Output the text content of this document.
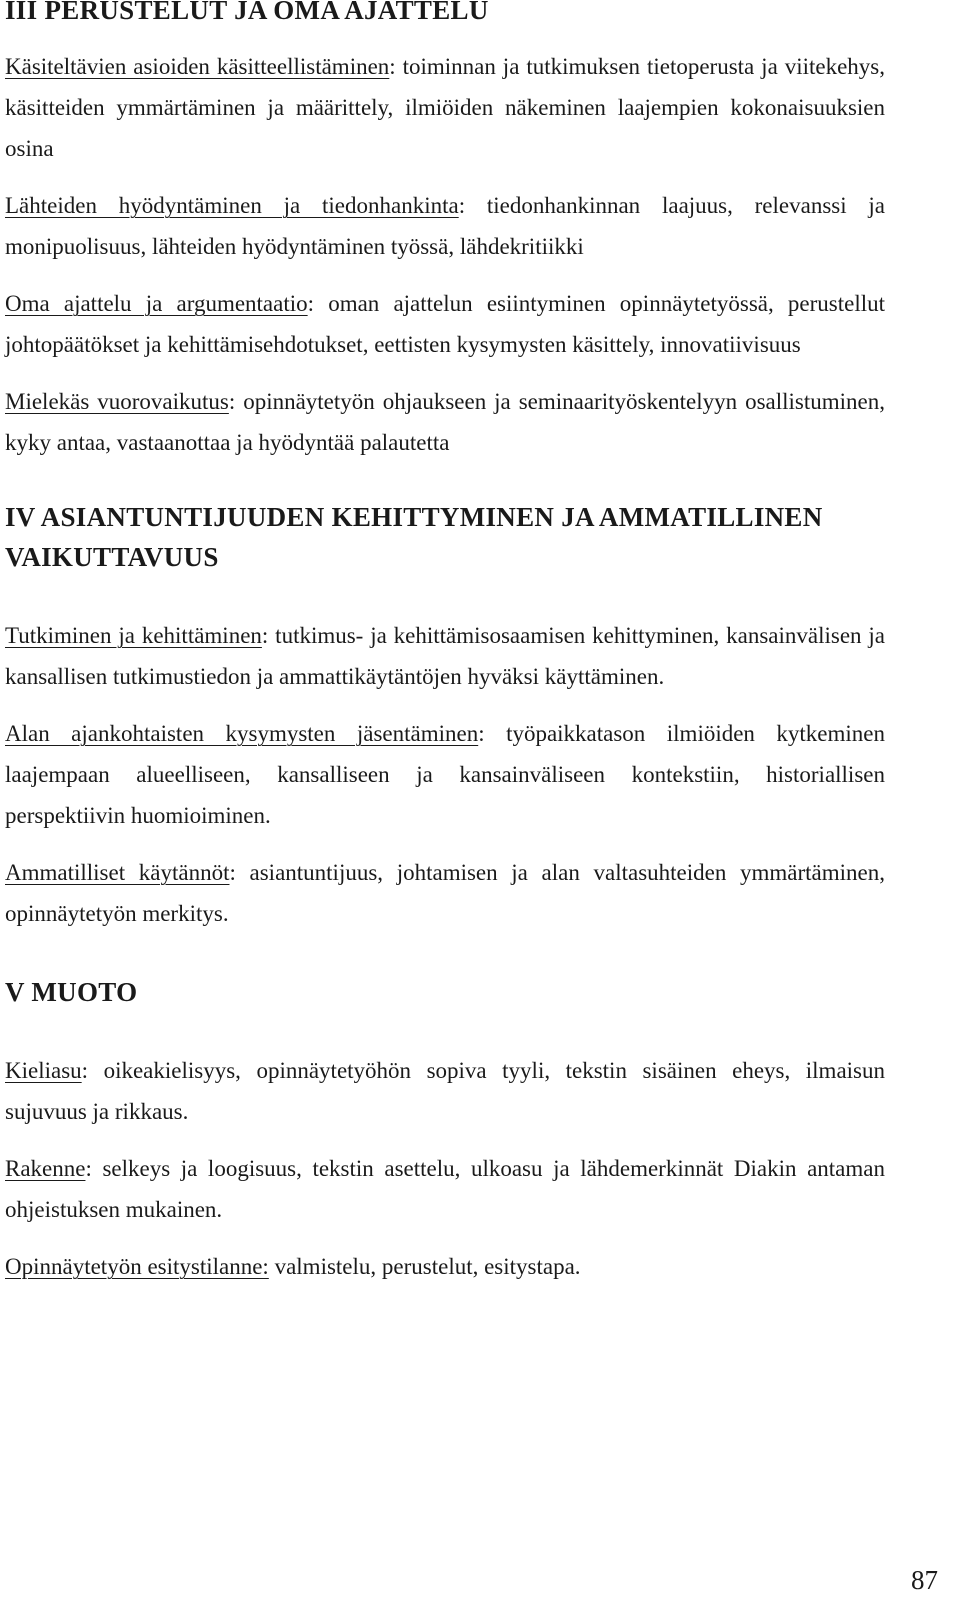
III PERUSTELUT JA OMA AJATTELU

Käsiteltävien asioiden käsitteellistäminen: toiminnan ja tutkimuksen tietoperusta ja viitekehys, käsitteiden ymmärtäminen ja määrittely, ilmiöiden näkeminen laajempien kokonaisuuksien osina

Lähteiden hyödyntäminen ja tiedonhankinta: tiedonhankinnan laajuus, relevanssi ja monipuolisuus, lähteiden hyödyntäminen työssä, lähdekritiikki

Oma ajattelu ja argumentaatio: oman ajattelun esiintyminen opinnäytetyössä, perustellut johtopäätökset ja kehittämisehdotukset, eettisten kysymysten käsittely, innovatiivisuus

Mielekäs vuorovaikutus: opinnäytetyön ohjaukseen ja seminaarityöskentelyyn osallistuminen, kyky antaa, vastaanottaa ja hyödyntää palautetta

IV ASIANTUNTIJUUDEN KEHITTYMINEN JA AMMATILLINEN VAIKUTTAVUUS

Tutkiminen ja kehittäminen: tutkimus- ja kehittämisosaamisen kehittyminen, kansainvälisen ja kansallisen tutkimustiedon ja ammattikäytäntöjen hyväksi käyttäminen.

Alan ajankohtaisten kysymysten jäsentäminen: työpaikkatason ilmiöiden kytkeminen laajempaan alueelliseen, kansalliseen ja kansainväliseen kontekstiin, historiallisen perspektiivin huomioiminen.

Ammatilliset käytännöt: asiantuntijuus, johtamisen ja alan valtasuhteiden ymmärtäminen, opinnäytetyön merkitys.

V MUOTO

Kieliasu: oikeakielisyys, opinnäytetyöhön sopiva tyyli, tekstin sisäinen eheys, ilmaisun sujuvuus ja rikkaus.

Rakenne: selkeys ja loogisuus, tekstin asettelu, ulkoasu ja lähdemerkinnät Diakin antaman ohjeistuksen mukainen.

Opinnäytetyön esitystilanne: valmistelu, perustelut, esitystapa.

87
